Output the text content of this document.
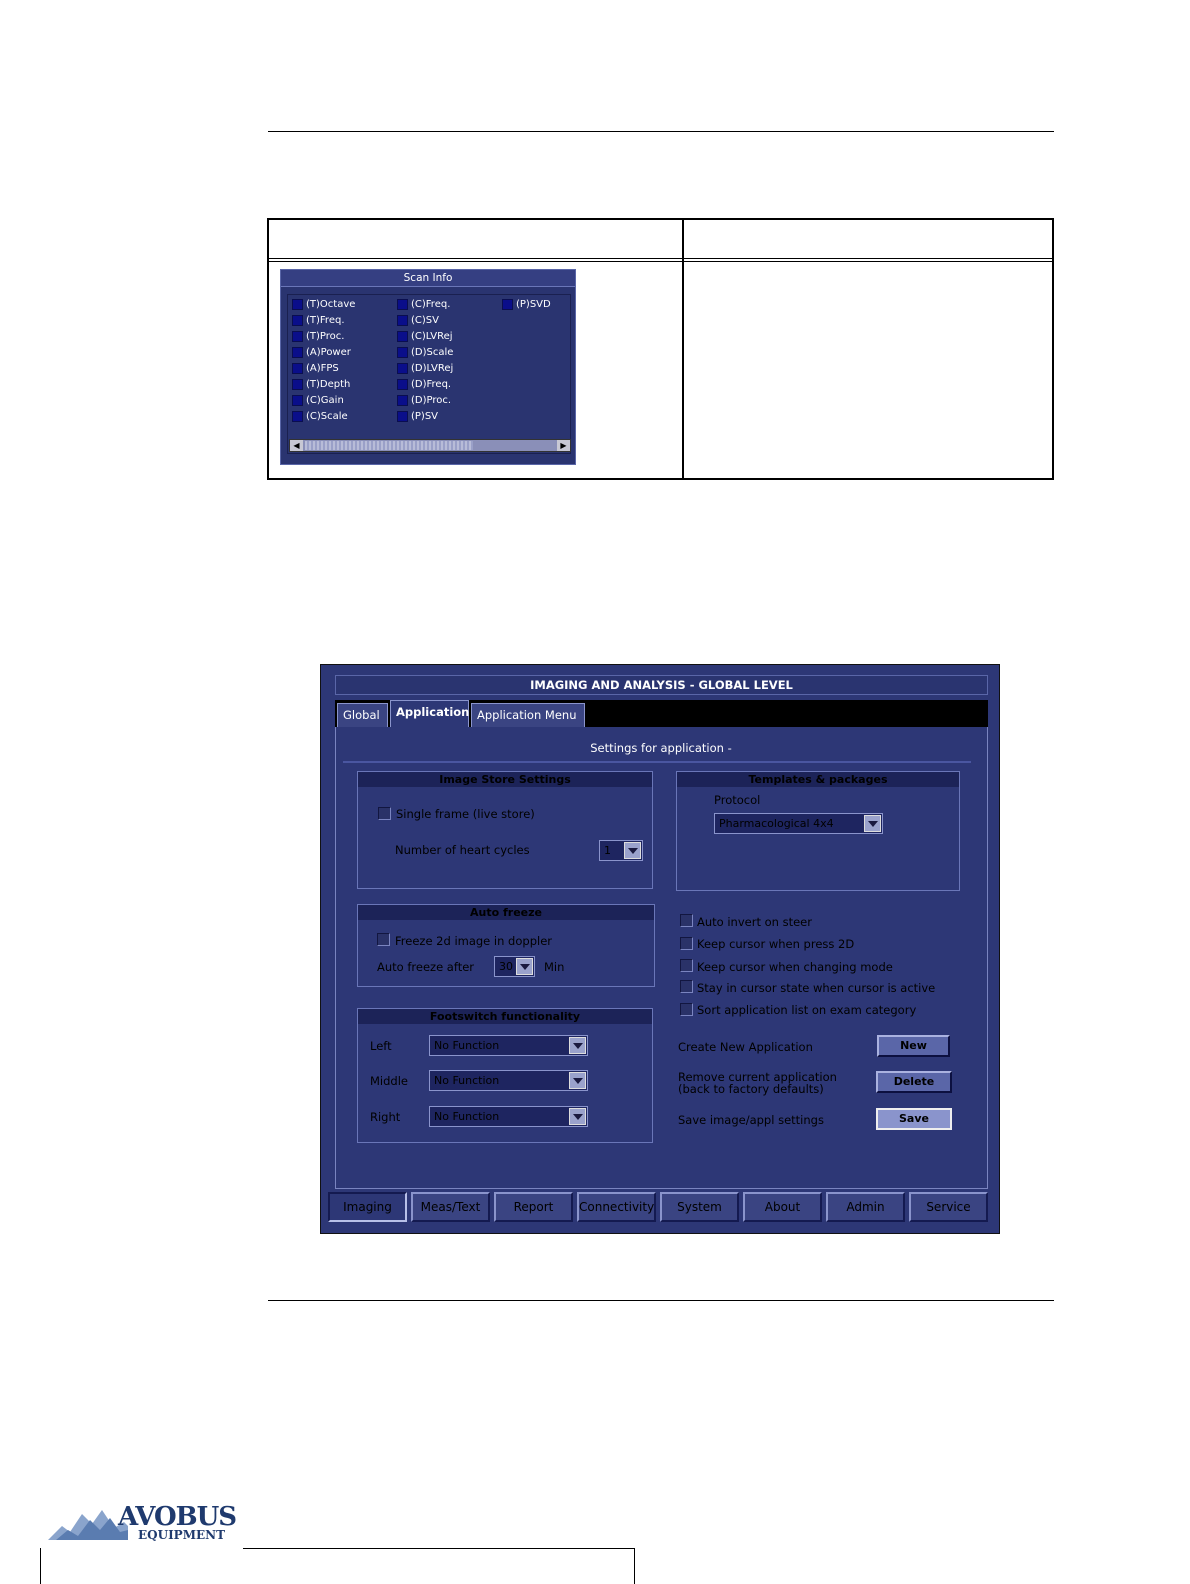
Scan Info
(T)Octave
(T)Freq.
(T)Proc.
(A)Power
(A)FPS
(T)Depth
(C)Gain
(C)Scale
(C)Freq.
(C)SV
(C)LVRej
(D)Scale
(D)LVRej
(D)Freq.
(D)Proc.
(P)SV
(P)SVD
◀	▶
IMAGING AND ANALYSIS - GLOBAL LEVEL
Global	Application Application Menu
Settings for application -
Image Store Settings
Single frame (live store)
Number of heart cycles	1
Templates & packages
Protocol
Pharmacological 4x4
Auto freeze
Freeze 2d image in doppler
Auto freeze after	30	Min
Auto invert on steer
Keep cursor when press 2D
Keep cursor when changing mode
Stay in cursor state when cursor is active
Sort application list on exam category
Footswitch functionality
Left	No Function
Middle	No Function
Right	No Function
Create New Application	New
Remove current application
(back to factory defaults)
Delete
Save image/appl settings	Save
Imaging	Meas/Text	Report	Connectivity	System	About	Admin	Service
AVOBUS
EQUIPMENT
